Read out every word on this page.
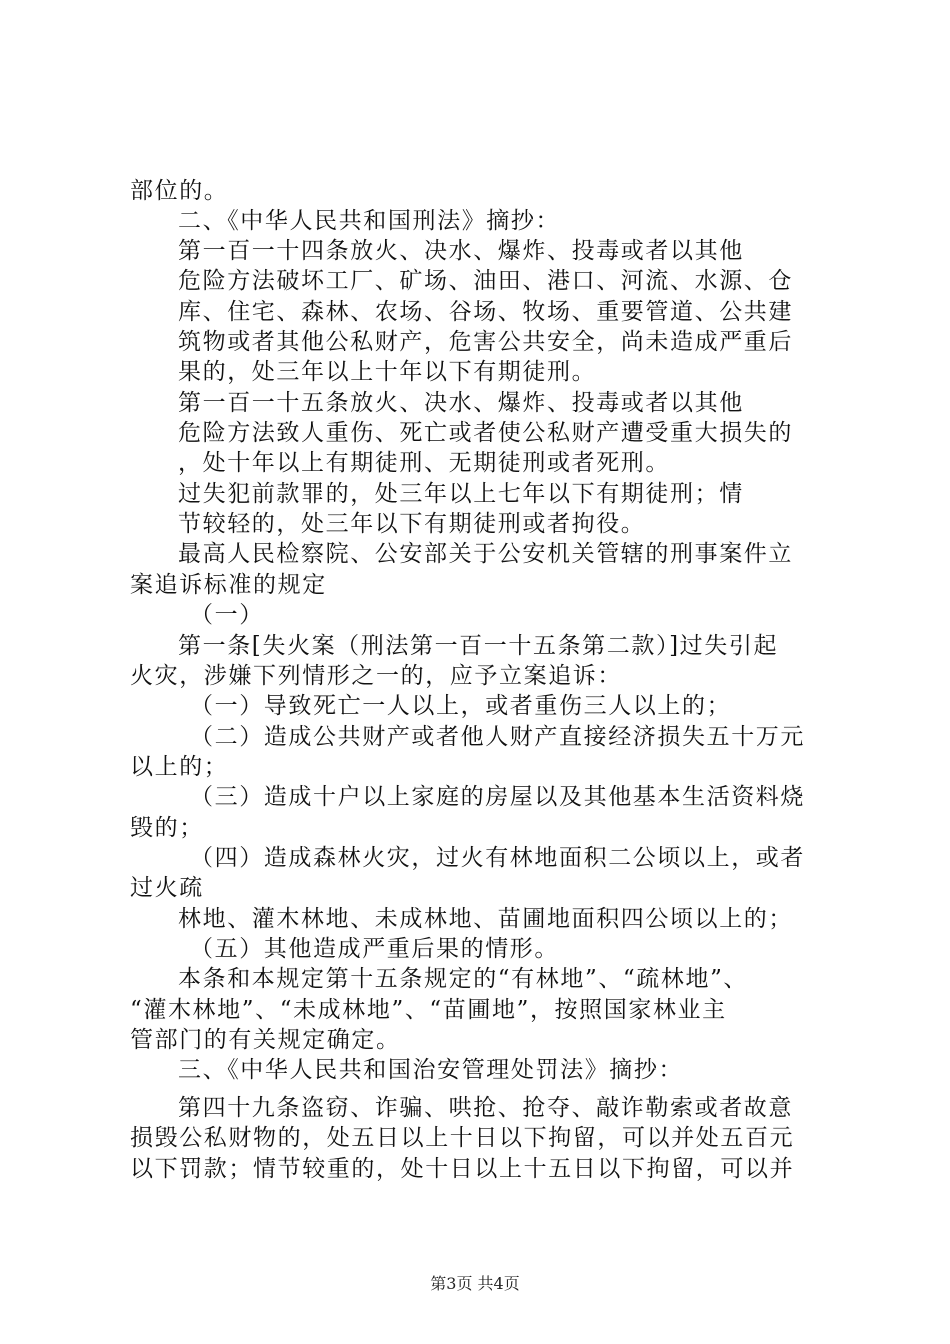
部位的。
二、《中华人民共和国刑法》摘抄：
第一百一十四条放火、决水、爆炸、投毒或者以其他
危险方法破坏工厂、矿场、油田、港口、河流、水源、仓
库、住宅、森林、农场、谷场、牧场、重要管道、公共建
筑物或者其他公私财产，危害公共安全，尚未造成严重后
果的，处三年以上十年以下有期徒刑。
第一百一十五条放火、决水、爆炸、投毒或者以其他
危险方法致人重伤、死亡或者使公私财产遭受重大损失的
，处十年以上有期徒刑、无期徒刑或者死刑。
过失犯前款罪的，处三年以上七年以下有期徒刑；情
节较轻的，处三年以下有期徒刑或者拘役。
最高人民检察院、公安部关于公安机关管辖的刑事案件立
案追诉标准的规定
（一）
第一条[失火案（刑法第一百一十五条第二款）]过失引起
火灾，涉嫌下列情形之一的，应予立案追诉：
（一）导致死亡一人以上，或者重伤三人以上的；
（二）造成公共财产或者他人财产直接经济损失五十万元
以上的；
（三）造成十户以上家庭的房屋以及其他基本生活资料烧
毁的；
（四）造成森林火灾，过火有林地面积二公顷以上，或者
过火疏
林地、灌木林地、未成林地、苗圃地面积四公顷以上的；
（五）其他造成严重后果的情形。
本条和本规定第十五条规定的“有林地”、“疏林地”、
“灌木林地”、“未成林地”、“苗圃地”，按照国家林业主
管部门的有关规定确定。
三、《中华人民共和国治安管理处罚法》摘抄：
第四十九条盗窃、诈骗、哄抢、抢夺、敲诈勒索或者故意
损毁公私财物的，处五日以上十日以下拘留，可以并处五百元
以下罚款；情节较重的，处十日以上十五日以下拘留，可以并
第3页 共4页
